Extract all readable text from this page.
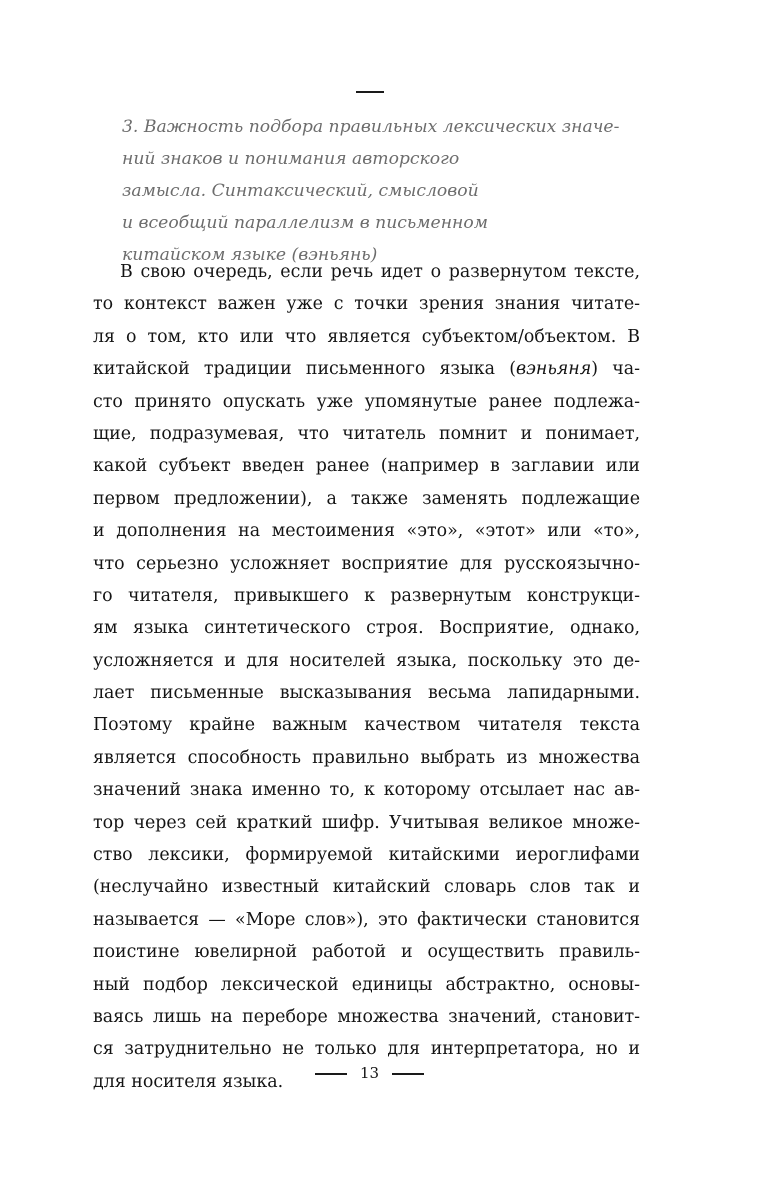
3. Важность подбора правильных лексических значе-
ний знаков и понимания авторского
замысла. Синтаксический, смысловой
и всеобщий параллелизм в письменном
китайском языке (вэньянь)
В свою очередь, если речь идет о развернутом тексте,
то контекст важен уже с точки зрения знания читате-
ля о том, кто или что является субъектом/объектом. В
китайской традиции письменного языка (вэньяня) ча-
сто принято опускать уже упомянутые ранее подлежа-
щие, подразумевая, что читатель помнит и понимает,
какой субъект введен ранее (например в заглавии или
первом предложении), а также заменять подлежащие
и дополнения на местоимения «это», «этот» или «то»,
что серьезно усложняет восприятие для русскоязычно-
го читателя, привыкшего к развернутым конструкци-
ям языка синтетического строя. Восприятие, однако,
усложняется и для носителей языка, поскольку это де-
лает письменные высказывания весьма лапидарными.
Поэтому крайне важным качеством читателя текста
является способность правильно выбрать из множества
значений знака именно то, к которому отсылает нас ав-
тор через сей краткий шифр. Учитывая великое множе-
ство лексики, формируемой китайскими иероглифами
(неслучайно известный китайский словарь слов так и
называется — «Море слов»), это фактически становится
поистине ювелирной работой и осуществить правиль-
ный подбор лексической единицы абстрактно, основы-
ваясь лишь на переборе множества значений, становит-
ся затруднительно не только для интерпретатора, но и
для носителя языка.	13
